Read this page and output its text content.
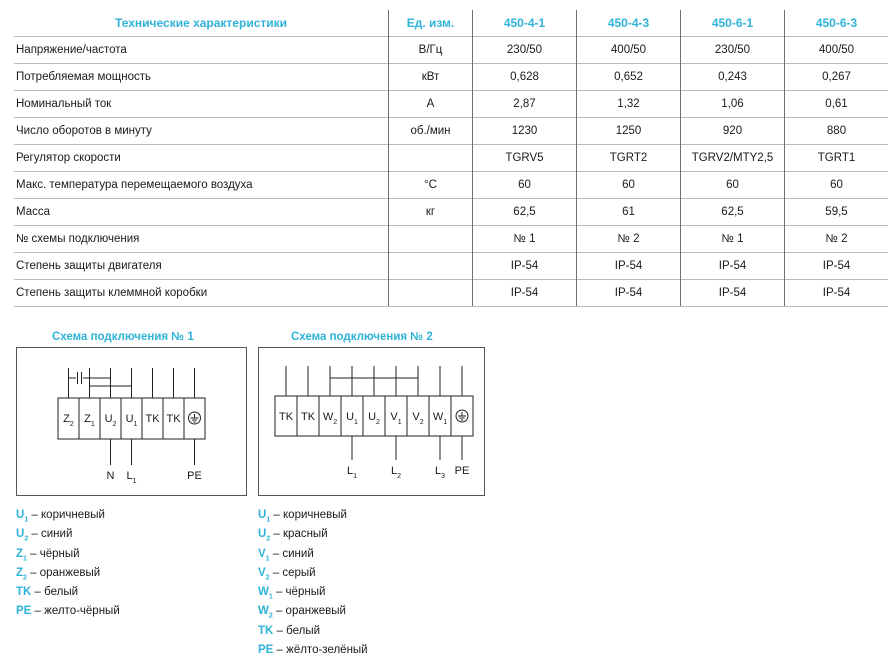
Технические характеристики	Ед. изм.	450-4-1	450-4-3	450-6-1	450-6-3
Напряжение/частота	В/Гц	230/50	400/50	230/50	400/50
Потребляемая мощность	кВт	0,628	0,652	0,243	0,267
Номинальный ток	А	2,87	1,32	1,06	0,61
Число оборотов в минуту	об./мин	1230	1250	920	880
Регулятор скорости		TGRV5	TGRT2	TGRV2/MTY2,5	TGRT1
Макс. температура перемещаемого воздуха	°С	60	60	60	60
Масса	кг	62,5	61	62,5	59,5
№ схемы подключения		№ 1	№ 2	№ 1	№ 2
Степень защиты двигателя		IP-54	IP-54	IP-54	IP-54
Степень защиты клеммной коробки		IP-54	IP-54	IP-54	IP-54
Схема подключения № 1	Схема подключения № 2
$Z_2$ $Z_1$ $U_2$ $U_1$ TK TK
N $L_1$	PE
TK TK $W_2$ $U_1$ $U_2$ $V_1$ $V_2$ $W_1$
$L_1$	$L_2$	$L_3$ PE
$U_1$ – коричневый
$U_2$ – синий
$Z_1$ – чёрный
$Z_2$ – оранжевый
TK – белый
PE – желто-чёрный
$U_1$ – коричневый
$U_2$ – красный
$V_1$ – синий
$V_2$ – серый
$W_1$ – чёрный
$W_2$ – оранжевый
TK – белый
PE – жёлто-зелёный
